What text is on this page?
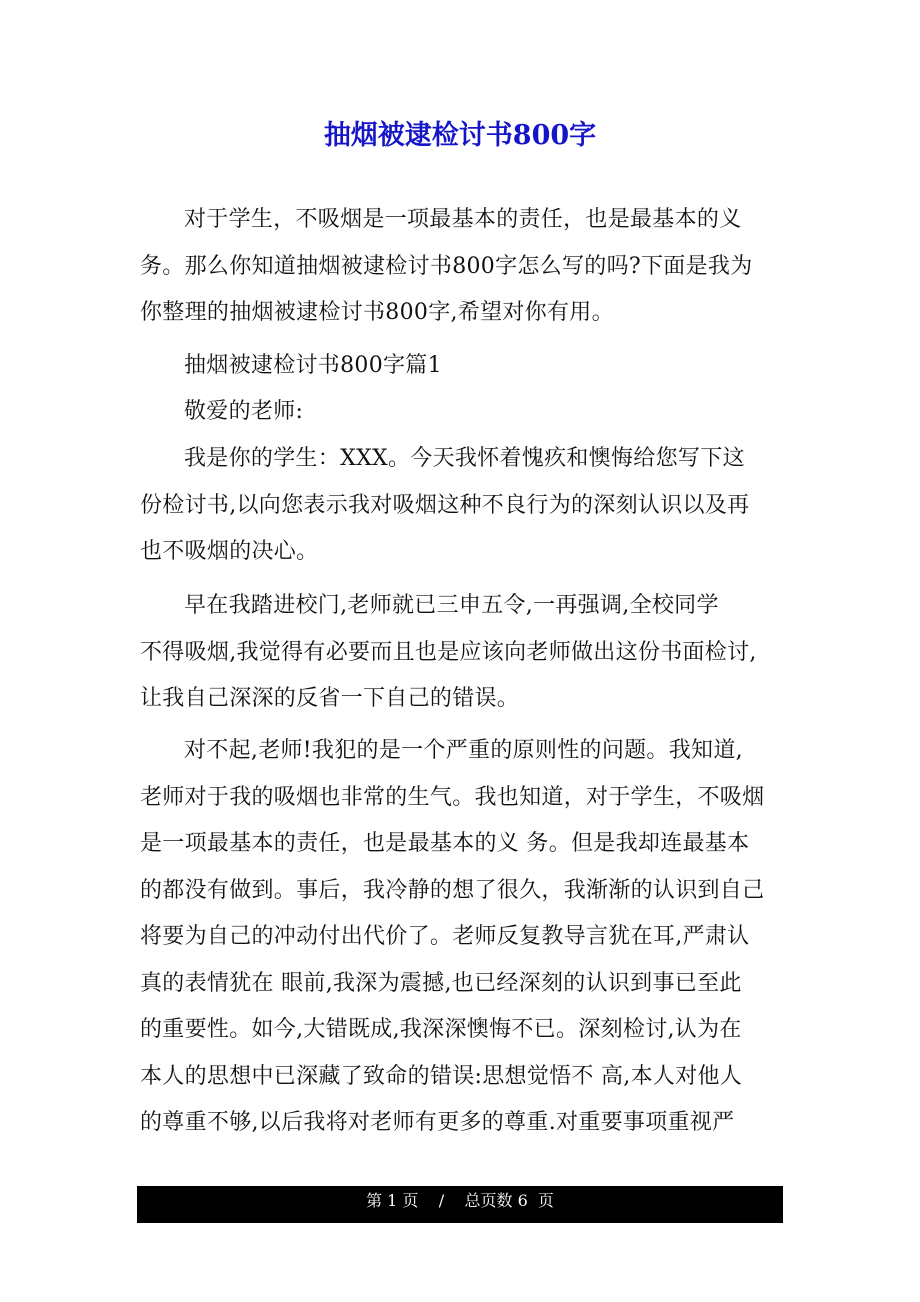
抽烟被逮检讨书800字
对于学生，不吸烟是一项最基本的责任，也是最基本的义
务。那么你知道抽烟被逮检讨书800字怎么写的吗?下面是我为
你整理的抽烟被逮检讨书800字,希望对你有用。
抽烟被逮检讨书800字篇1
敬爱的老师:
我是你的学生：XXX。今天我怀着愧疚和懊悔给您写下这
份检讨书,以向您表示我对吸烟这种不良行为的深刻认识以及再
也不吸烟的决心。
早在我踏进校门,老师就已三申五令,一再强调,全校同学
不得吸烟,我觉得有必要而且也是应该向老师做出这份书面检讨,
让我自己深深的反省一下自己的错误。
对不起,老师!我犯的是一个严重的原则性的问题。我知道,
老师对于我的吸烟也非常的生气。我也知道，对于学生，不吸烟
是一项最基本的责任，也是最基本的义 务。但是我却连最基本
的都没有做到。事后，我冷静的想了很久，我渐渐的认识到自己
将要为自己的冲动付出代价了。老师反复教导言犹在耳,严肃认
真的表情犹在 眼前,我深为震撼,也已经深刻的认识到事已至此
的重要性。如今,大错既成,我深深懊悔不已。深刻检讨,认为在
本人的思想中已深藏了致命的错误:思想觉悟不 高,本人对他人
的尊重不够,以后我将对老师有更多的尊重.对重要事项重视严
第 1 页    /    总页数 6  页
